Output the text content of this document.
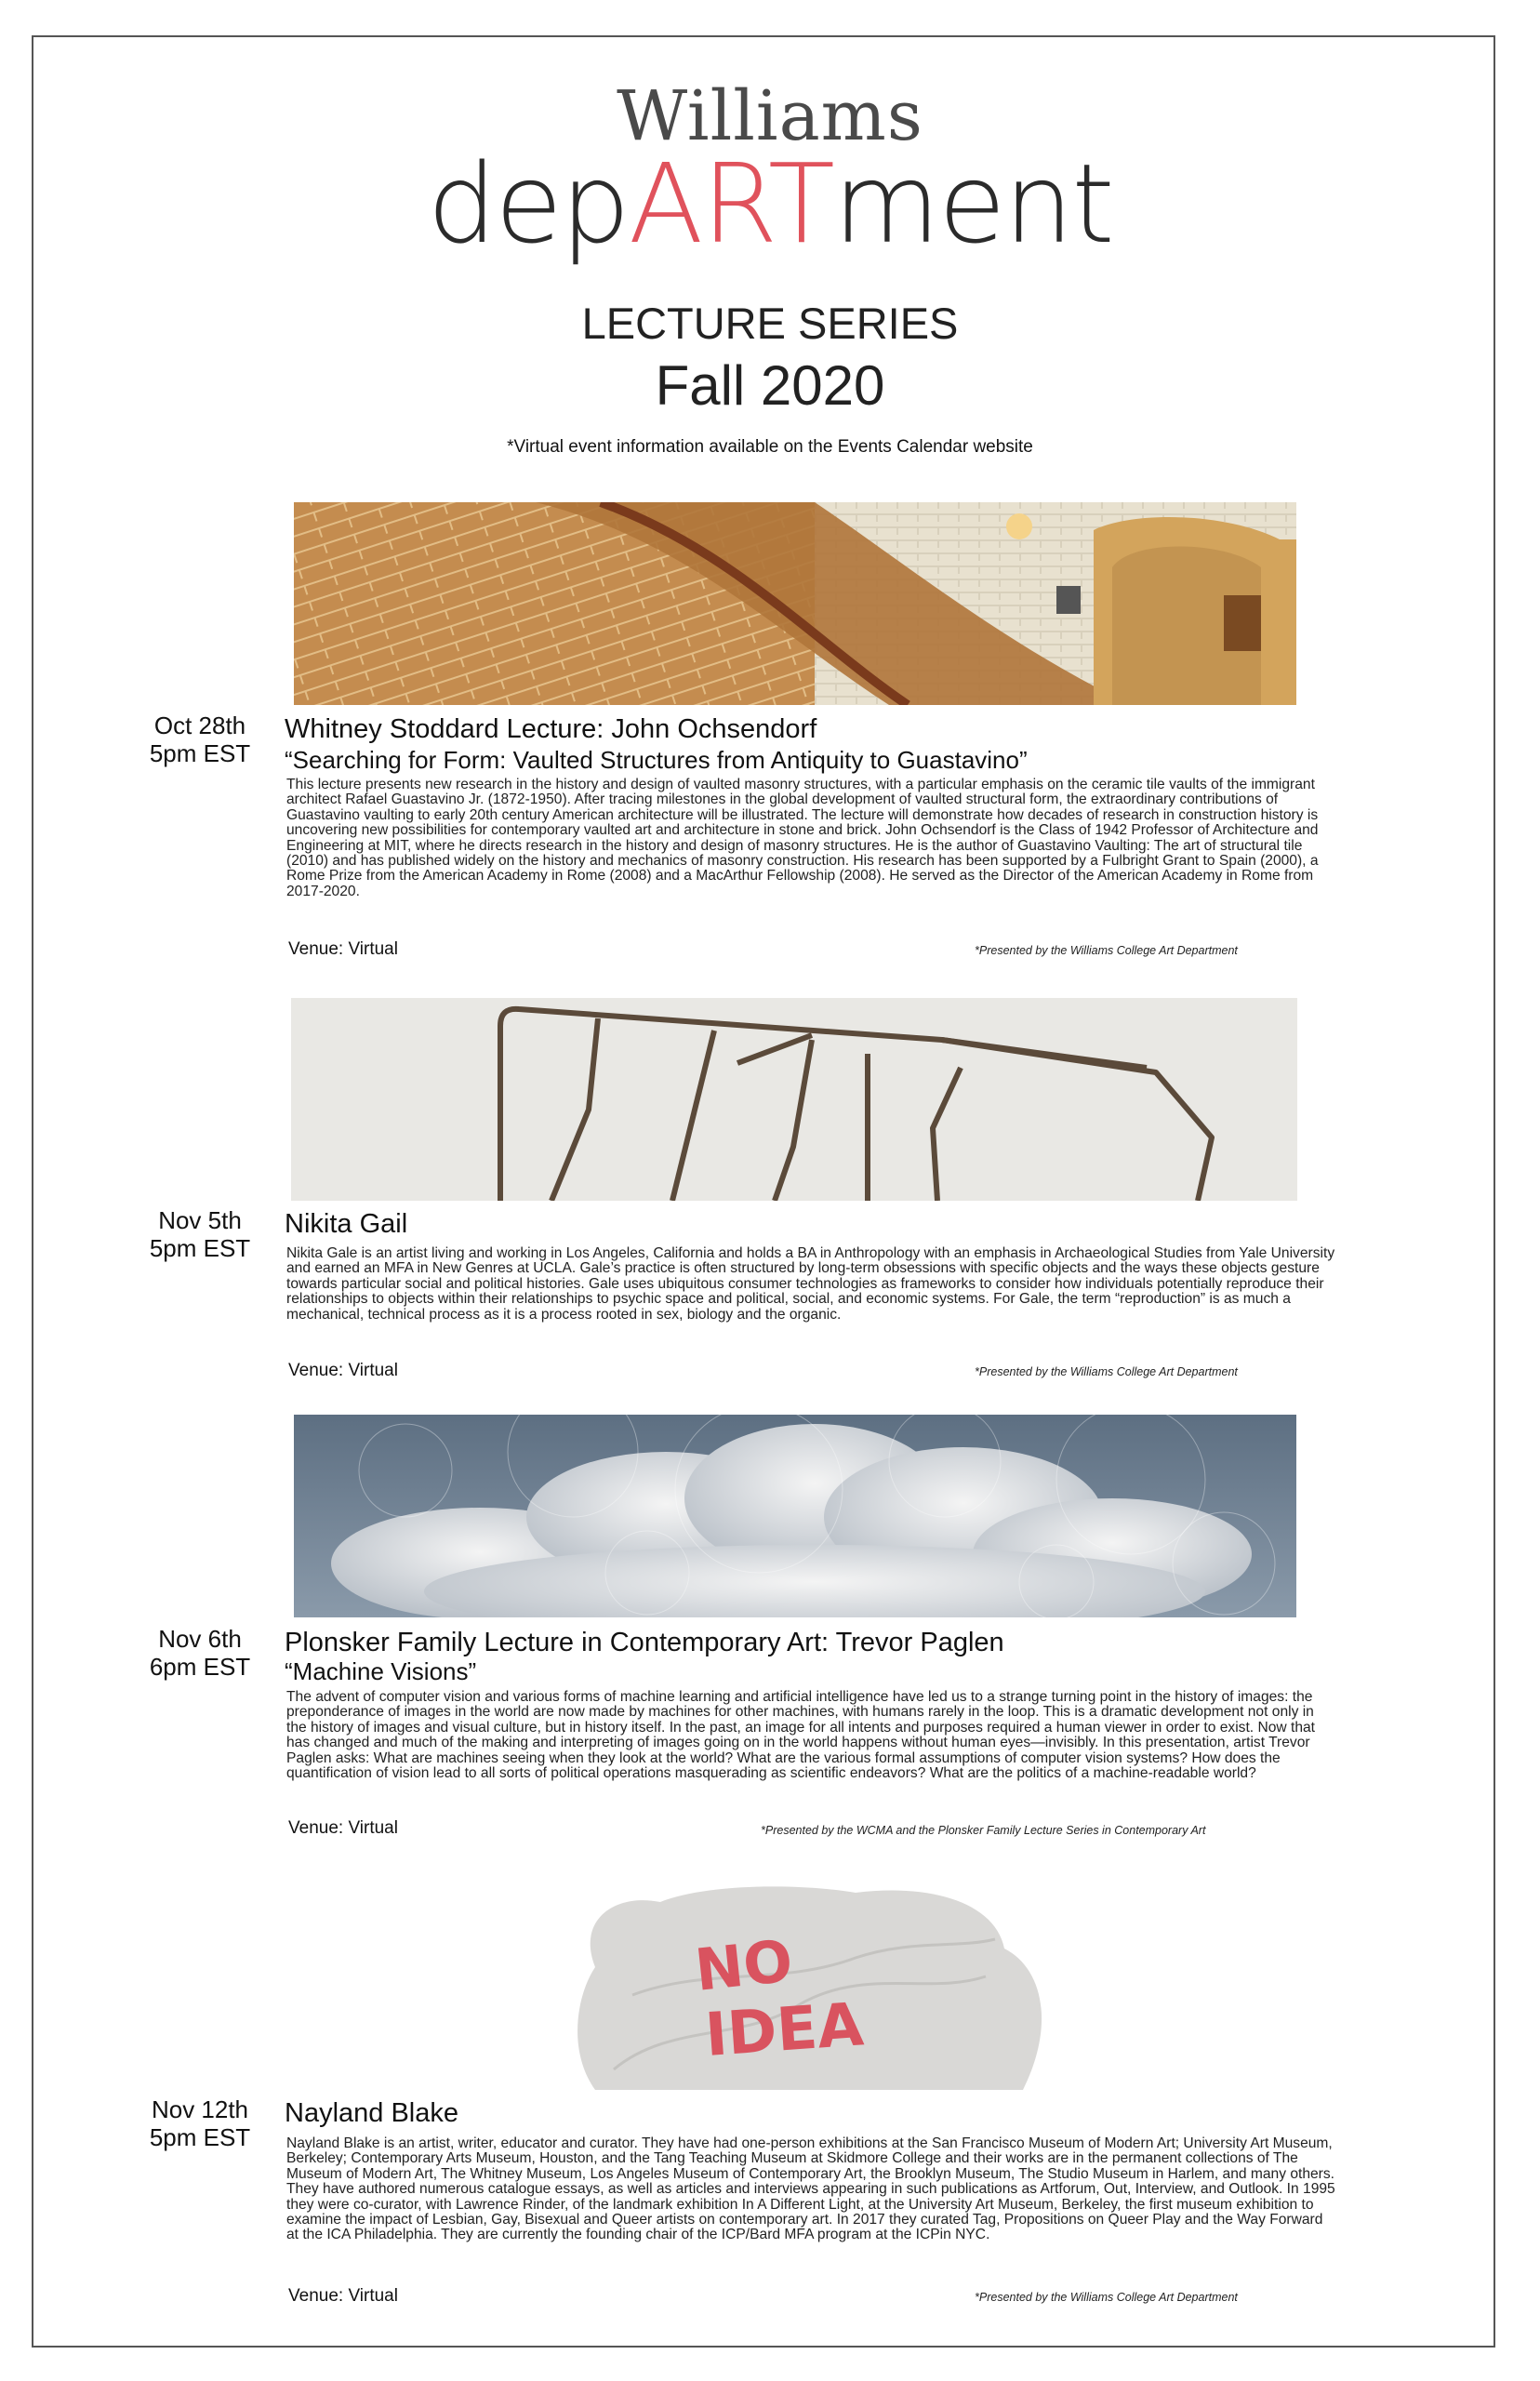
Williams
depARTment
LECTURE SERIES
Fall 2020
*Virtual event information available on the Events Calendar website
Oct 28th
5pm EST
Whitney Stoddard Lecture: John Ochsendorf
“Searching for Form: Vaulted Structures from Antiquity to Guastavino”
This lecture presents new research in the history and design of vaulted masonry structures, with a particular emphasis on the ceramic tile vaults of the immigrant architect Rafael Guastavino Jr. (1872-1950). After tracing milestones in the global development of vaulted structural form, the extraordinary contributions of Guastavino vaulting to early 20th century American architecture will be illustrated. The lecture will demonstrate how decades of research in construction history is uncovering new possibilities for contemporary vaulted art and architecture in stone and brick. John Ochsendorf is the Class of 1942 Professor of Architecture and Engineering at MIT, where he directs research in the history and design of masonry structures. He is the author of Guastavino Vaulting: The art of structural tile (2010) and has published widely on the history and mechanics of masonry construction. His research has been supported by a Fulbright Grant to Spain (2000), a Rome Prize from the American Academy in Rome (2008) and a MacArthur Fellowship (2008). He served as the Director of the American Academy in Rome from 2017-2020.
Venue: Virtual	*Presented by the Williams College Art Department
Nov 5th
5pm EST
Nikita Gail
Nikita Gale is an artist living and working in Los Angeles, California and holds a BA in Anthropology with an emphasis in Archaeological Studies from Yale University and earned an MFA in New Genres at UCLA. Gale’s practice is often structured by long-term obsessions with specific objects and the ways these objects gesture towards particular social and political histories. Gale uses ubiquitous consumer technologies as frameworks to consider how individuals potentially reproduce their relationships to objects within their relationships to psychic space and political, social, and economic systems. For Gale, the term “reproduction” is as much a mechanical, technical process as it is a process rooted in sex, biology and the organic.
Venue: Virtual	*Presented by the Williams College Art Department
Nov 6th
6pm EST
Plonsker Family Lecture in Contemporary Art: Trevor Paglen
“Machine Visions”
The advent of computer vision and various forms of machine learning and artificial intelligence have led us to a strange turning point in the history of images: the preponderance of images in the world are now made by machines for other machines, with humans rarely in the loop. This is a dramatic development not only in the history of images and visual culture, but in history itself. In the past, an image for all intents and purposes required a human viewer in order to exist. Now that has changed and much of the making and interpreting of images going on in the world happens without human eyes—invisibly. In this presentation, artist Trevor Paglen asks: What are machines seeing when they look at the world? What are the various formal assumptions of computer vision systems? How does the quantification of vision lead to all sorts of political operations masquerading as scientific endeavors? What are the politics of a machine-readable world?
Venue: Virtual	*Presented by the WCMA and the Plonsker Family Lecture Series in Contemporary Art
NO
IDEA
Nov 12th
5pm EST
Nayland Blake
Nayland Blake is an artist, writer, educator and curator. They have had one-person exhibitions at the San Francisco Museum of Modern Art; University Art Museum, Berkeley; Contemporary Arts Museum, Houston, and the Tang Teaching Museum at Skidmore College and their works are in the permanent collections of The Museum of Modern Art, The Whitney Museum, Los Angeles Museum of Contemporary Art, the Brooklyn Museum, The Studio Museum in Harlem, and many others. They have authored numerous catalogue essays, as well as articles and interviews appearing in such publications as Artforum, Out, Interview, and Outlook. In 1995 they were co-curator, with Lawrence Rinder, of the landmark exhibition In A Different Light, at the University Art Museum, Berkeley, the first museum exhibition to examine the impact of Lesbian, Gay, Bisexual and Queer artists on contemporary art. In 2017 they curated Tag, Propositions on Queer Play and the Way Forward at the ICA Philadelphia. They are currently the founding chair of the ICP/Bard MFA program at the ICPin NYC.
Venue: Virtual	*Presented by the Williams College Art Department
